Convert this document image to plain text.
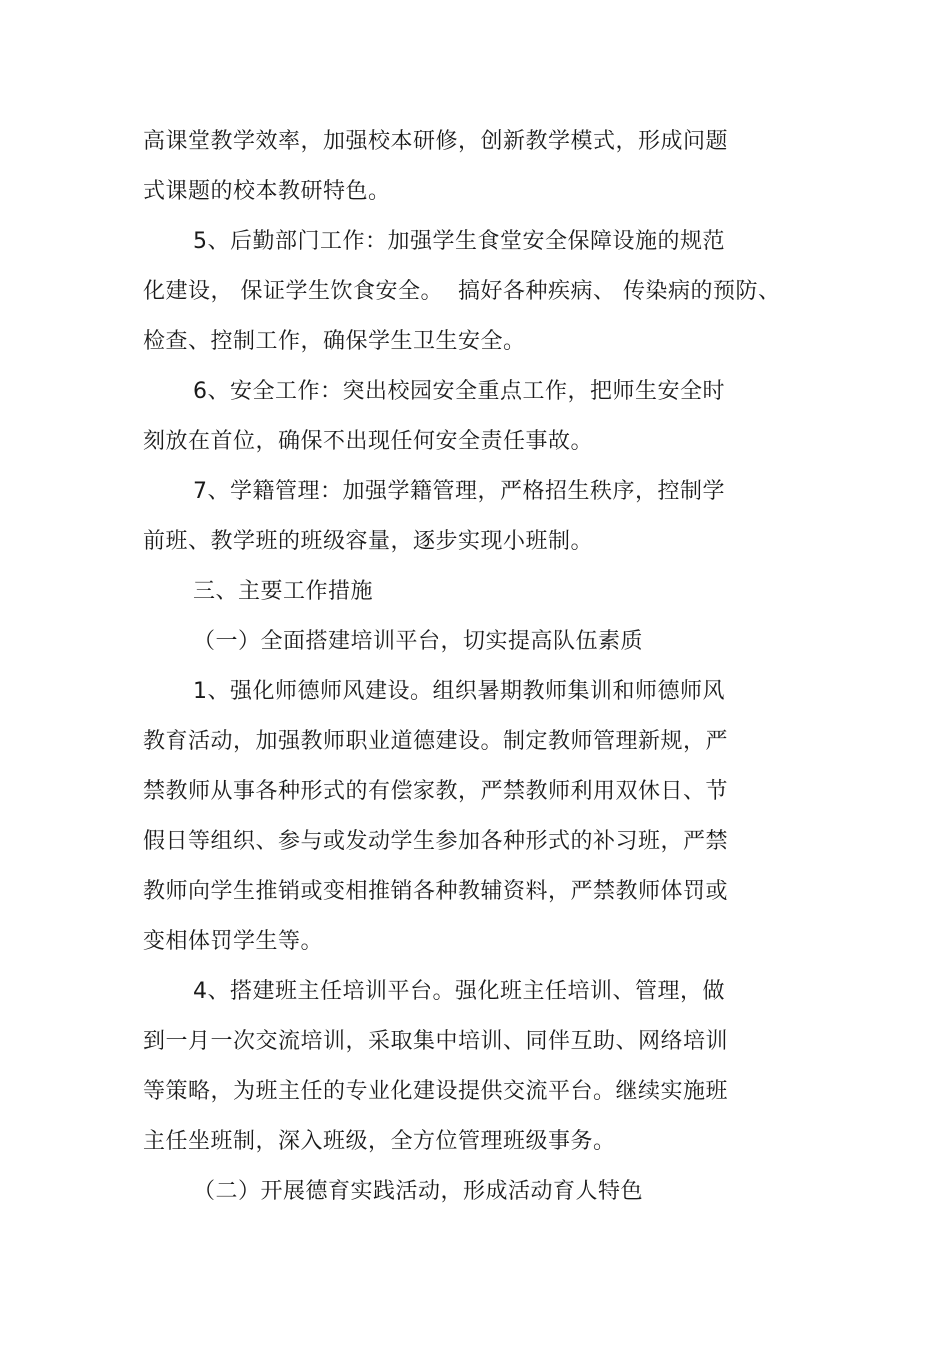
高课堂教学效率，加强校本研修，创新教学模式，形成问题
式课题的校本教研特色。
5、后勤部门工作：加强学生食堂安全保障设施的规范
化建设， 保证学生饮食安全。  搞好各种疾病、 传染病的预防、
检查、控制工作，确保学生卫生安全。
6、安全工作：突出校园安全重点工作，把师生安全时
刻放在首位，确保不出现任何安全责任事故。
7、学籍管理：加强学籍管理，严格招生秩序，控制学
前班、教学班的班级容量，逐步实现小班制。
三、主要工作措施
（一）全面搭建培训平台，切实提高队伍素质
1、强化师德师风建设。组织暑期教师集训和师德师风
教育活动，加强教师职业道德建设。制定教师管理新规，严
禁教师从事各种形式的有偿家教，严禁教师利用双休日、节
假日等组织、参与或发动学生参加各种形式的补习班，严禁
教师向学生推销或变相推销各种教辅资料，严禁教师体罚或
变相体罚学生等。
4、搭建班主任培训平台。强化班主任培训、管理，做
到一月一次交流培训，采取集中培训、同伴互助、网络培训
等策略，为班主任的专业化建设提供交流平台。继续实施班
主任坐班制，深入班级，全方位管理班级事务。
（二）开展德育实践活动，形成活动育人特色
